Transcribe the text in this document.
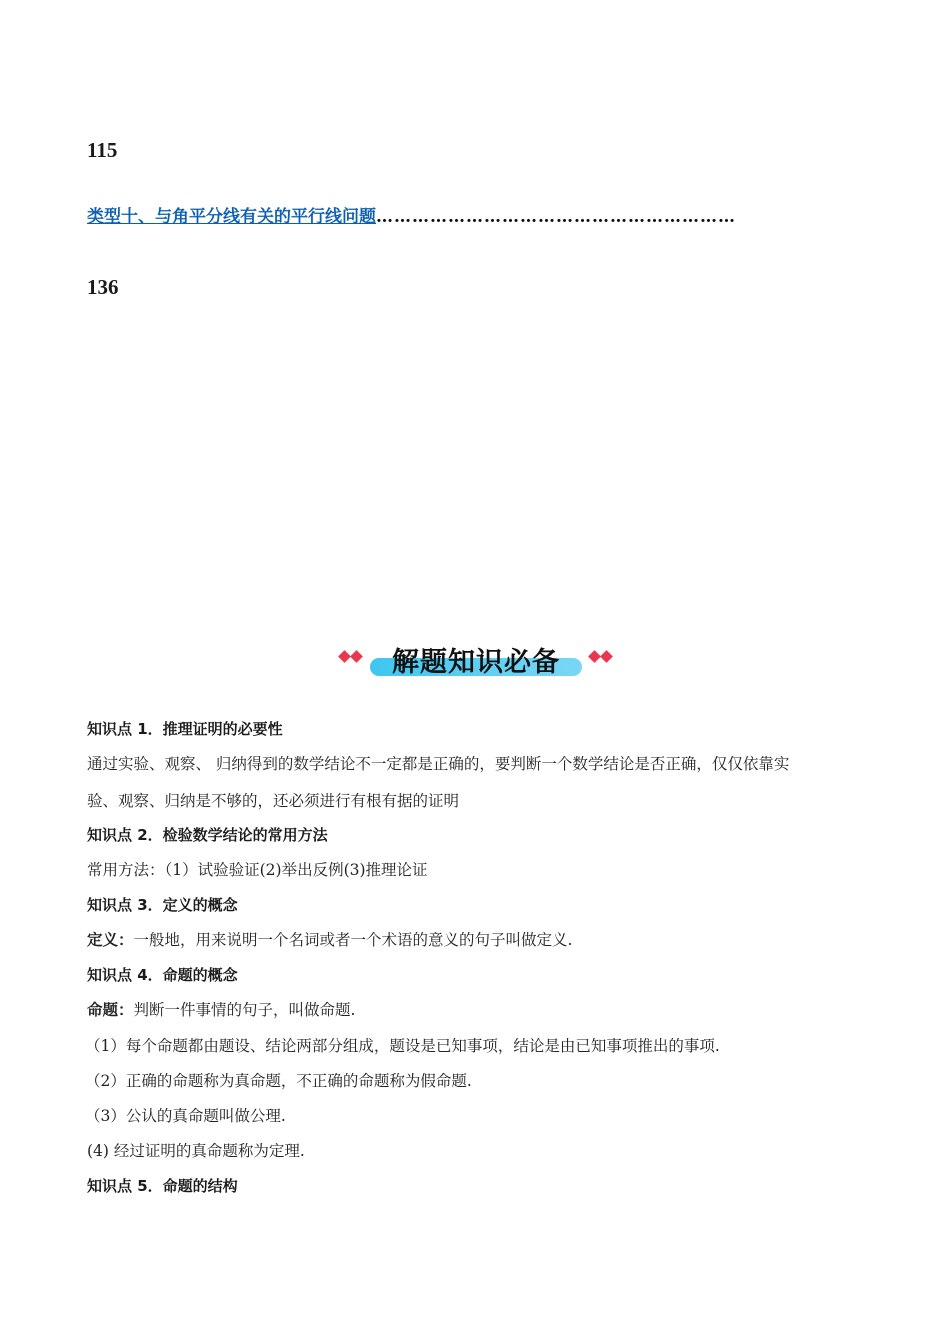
115
类型十、与角平分线有关的平行线问题……………………………………………………
136
解题知识必备
知识点 1．推理证明的必要性
通过实验、观察、 归纳得到的数学结论不一定都是正确的，要判断一个数学结论是否正确，仅仅依靠实
验、观察、归纳是不够的，还必须进行有根有据的证明
知识点 2．检验数学结论的常用方法
常用方法：（1）试验验证(2)举出反例(3)推理论证
知识点 3．定义的概念
定义：一般地，用来说明一个名词或者一个术语的意义的句子叫做定义.
知识点 4．命题的概念
命题：判断一件事情的句子，叫做命题.
（1）每个命题都由题设、结论两部分组成，题设是已知事项，结论是由已知事项推出的事项.
（2）正确的命题称为真命题，不正确的命题称为假命题.
（3）公认的真命题叫做公理.
(4) 经过证明的真命题称为定理.
知识点 5．命题的结构
